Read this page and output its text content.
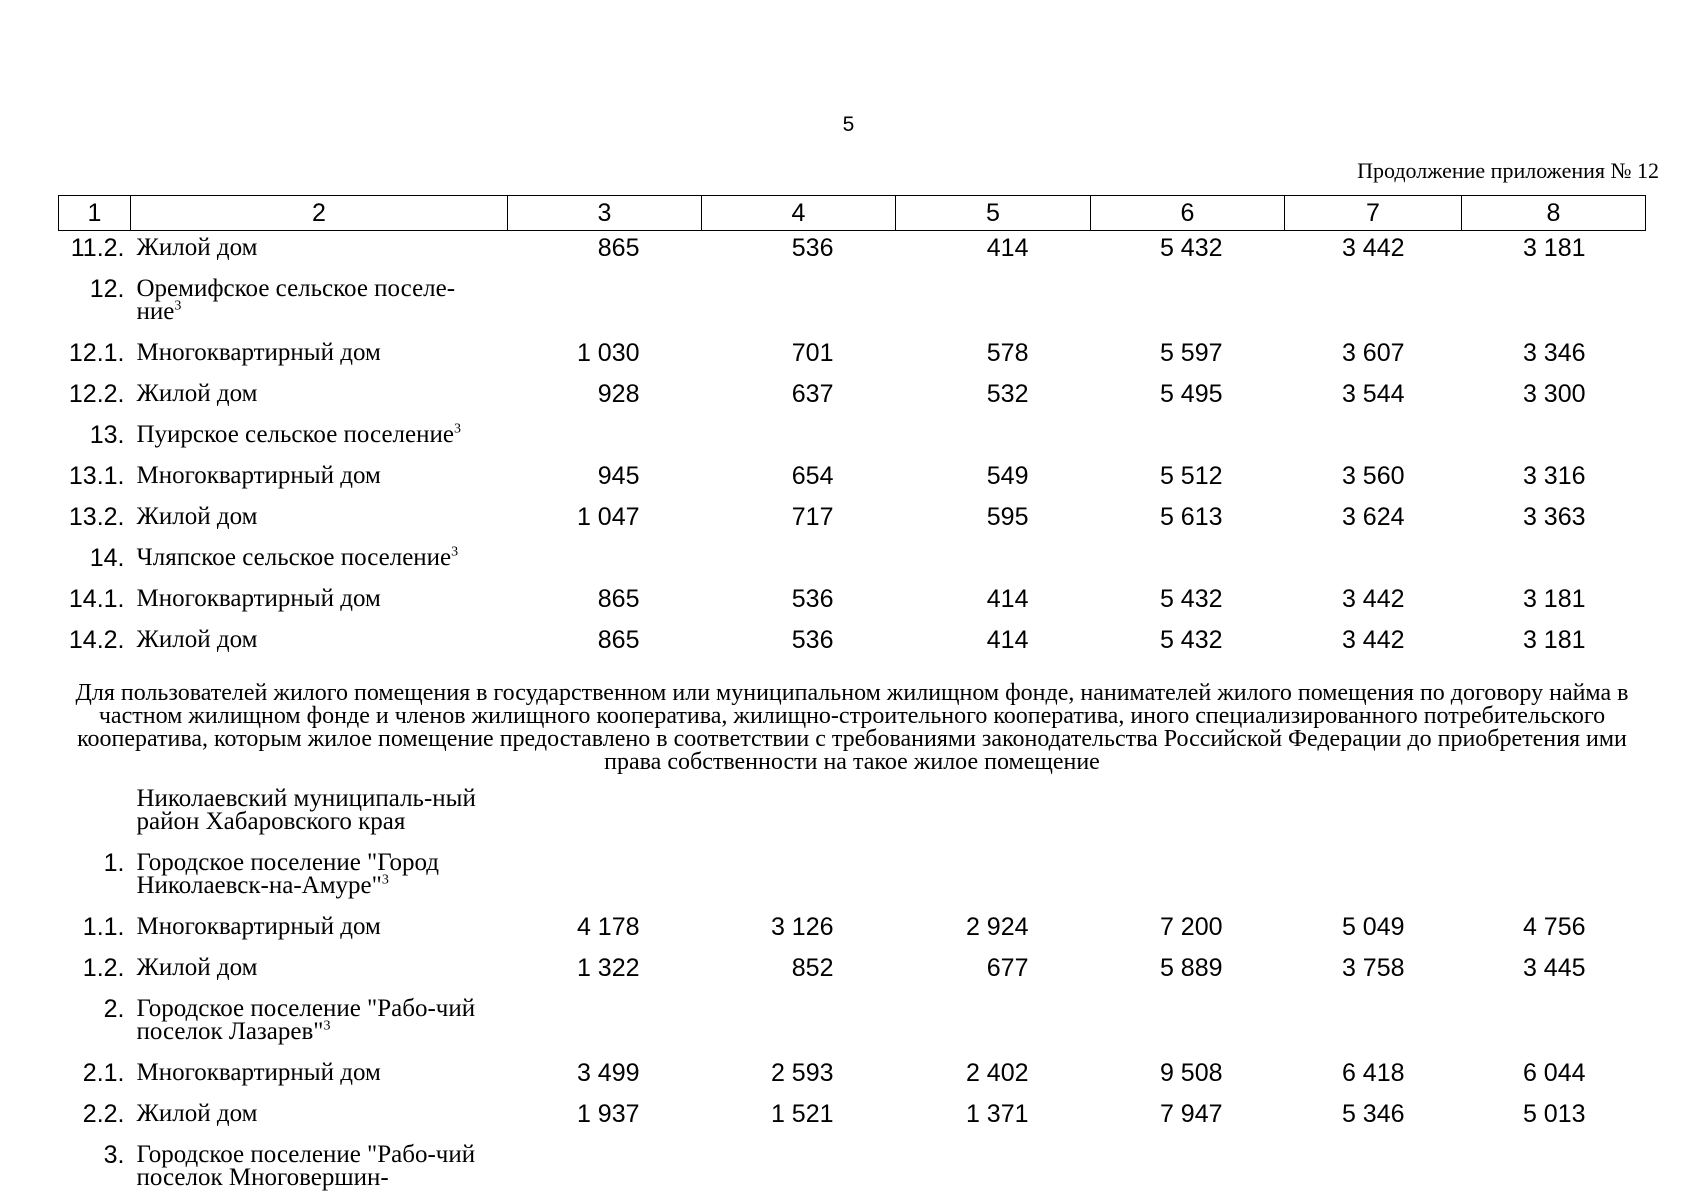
5
Продолжение приложения № 12
1	2	3	4	5	6	7	8
11.2.	Жилой дом	865	536	414	5 432	3 442	3 181
12.	Оремифское сельское поселе-ние$^3$						
12.1.	Многоквартирный дом	1 030	701	578	5 597	3 607	3 346
12.2.	Жилой дом	928	637	532	5 495	3 544	3 300
13.	Пуирское сельское поселение$^3$						
13.1.	Многоквартирный дом	945	654	549	5 512	3 560	3 316
13.2.	Жилой дом	1 047	717	595	5 613	3 624	3 363
14.	Чляпское сельское поселение$^3$						
14.1.	Многоквартирный дом	865	536	414	5 432	3 442	3 181
14.2.	Жилой дом	865	536	414	5 432	3 442	3 181
Для пользователей жилого помещения в государственном или муниципальном жилищном фонде, нанимателей жилого помещения по договору найма в частном жилищном фонде и членов жилищного кооператива, жилищно-строительного кооператива, иного специализированного потребительского кооператива, которым жилое помещение предоставлено в соответствии с требованиями законодательства Российской Федерации до приобретения ими права собственности на такое жилое помещение							
	Николаевский муниципаль-ный район Хабаровского края						
1.	Городское поселение "Город Николаевск-на-Амуре"$^3$						
1.1.	Многоквартирный дом	4 178	3 126	2 924	7 200	5 049	4 756
1.2.	Жилой дом	1 322	852	677	5 889	3 758	3 445
2.	Городское поселение "Рабо-чий поселок Лазарев"$^3$						
2.1.	Многоквартирный дом	3 499	2 593	2 402	9 508	6 418	6 044
2.2.	Жилой дом	1 937	1 521	1 371	7 947	5 346	5 013
3.	Городское поселение "Рабо-чий поселок Многовершин-						
